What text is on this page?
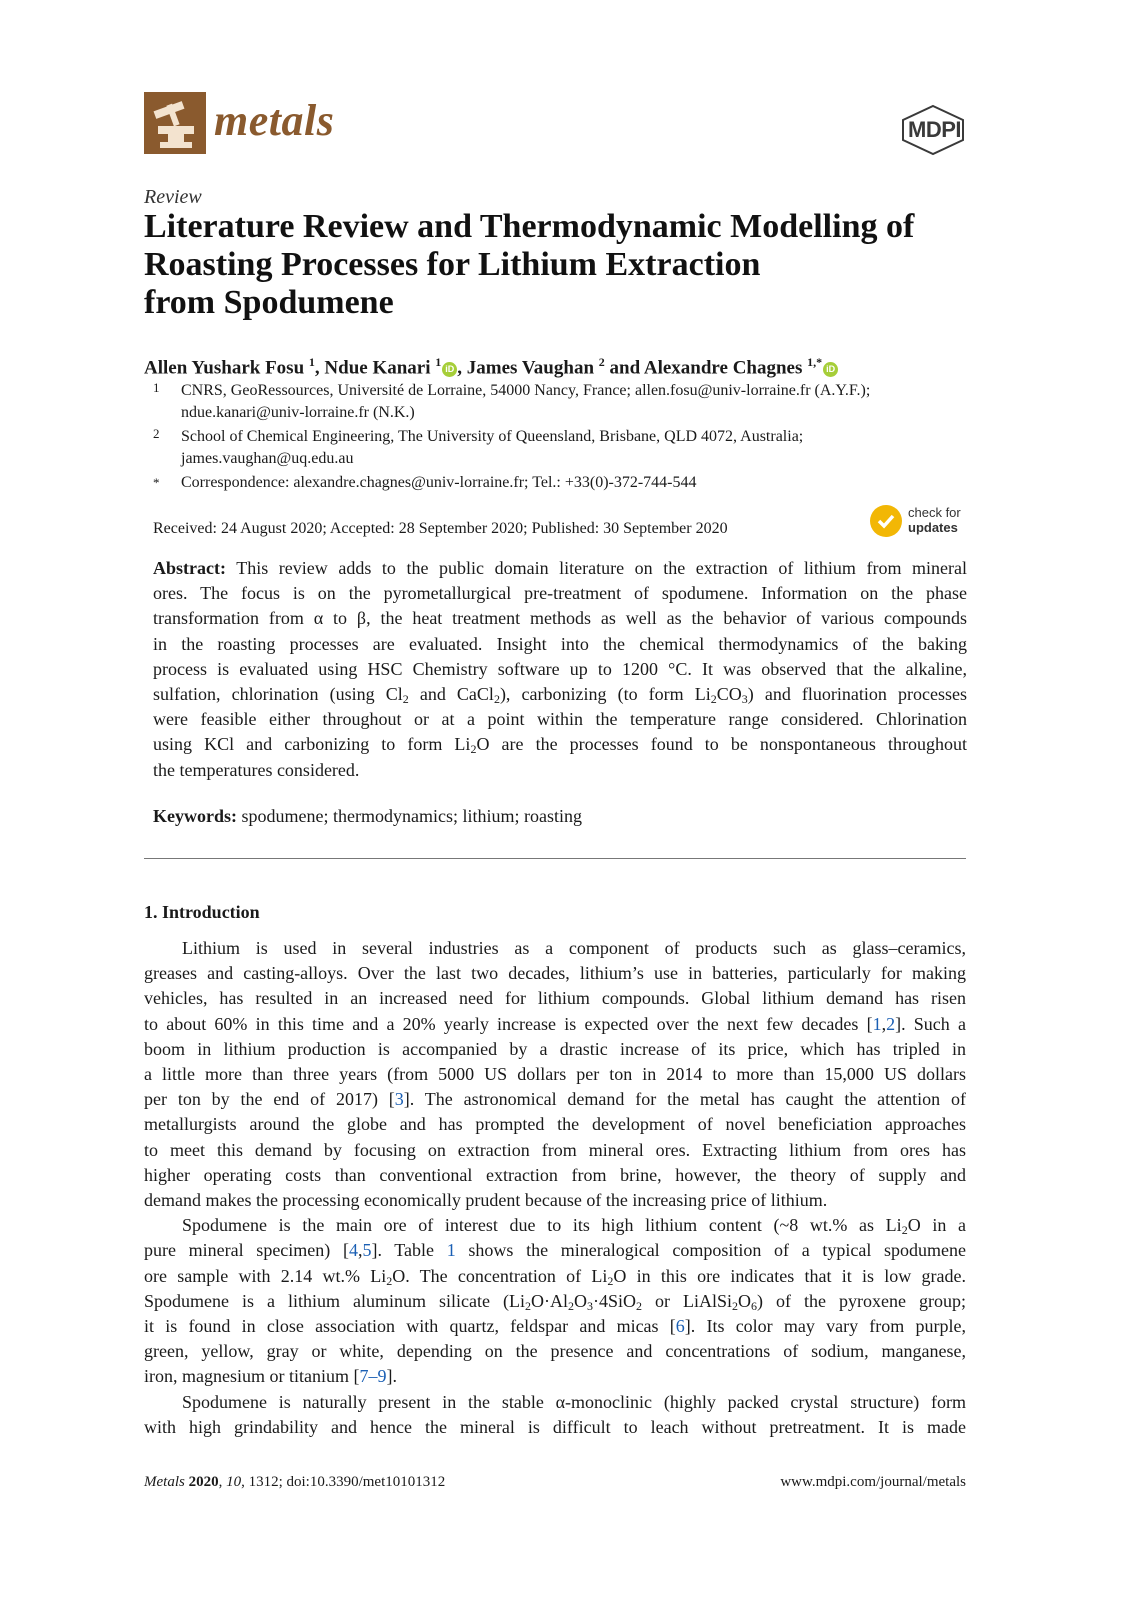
metals	MDPI
Review
Literature Review and Thermodynamic Modelling of
Roasting Processes for Lithium Extraction
from Spodumene
Allen Yushark Fosu $^1$, Ndue Kanari $^1$iD , James Vaughan $^2$ and Alexandre Chagnes $^{1,*}$iD
1 CNRS, GeoRessources, Université de Lorraine, 54000 Nancy, France; allen.fosu@univ-lorraine.fr (A.Y.F.);
ndue.kanari@univ-lorraine.fr (N.K.)
2 School of Chemical Engineering, The University of Queensland, Brisbane, QLD 4072, Australia;
james.vaughan@uq.edu.au
* Correspondence: alexandre.chagnes@univ-lorraine.fr; Tel.: +33(0)-372-744-544
Received: 24 August 2020; Accepted: 28 September 2020; Published: 30 September 2020
check for
updates
Abstract: This review adds to the public domain literature on the extraction of lithium from mineral
ores. The focus is on the pyrometallurgical pre-treatment of spodumene. Information on the phase
transformation from α to β, the heat treatment methods as well as the behavior of various compounds
in the roasting processes are evaluated. Insight into the chemical thermodynamics of the baking
process is evaluated using HSC Chemistry software up to 1200 °C. It was observed that the alkaline,
sulfation, chlorination (using $Cl_2$ and CaCl$_2$), carbonizing (to form $Li_2CO_3$) and fluorination processes
were feasible either throughout or at a point within the temperature range considered. Chlorination
using KCl and carbonizing to form $Li_2O$ are the processes found to be nonspontaneous throughout
the temperatures considered.
Keywords: spodumene; thermodynamics; lithium; roasting
1. Introduction
Lithium is used in several industries as a component of products such as glass–ceramics,
greases and casting-alloys. Over the last two decades, lithium’s use in batteries, particularly for making
vehicles, has resulted in an increased need for lithium compounds. Global lithium demand has risen
to about 60% in this time and a 20% yearly increase is expected over the next few decades [1,2]. Such a
boom in lithium production is accompanied by a drastic increase of its price, which has tripled in
a little more than three years (from 5000 US dollars per ton in 2014 to more than 15,000 US dollars
per ton by the end of 2017) [3]. The astronomical demand for the metal has caught the attention of
metallurgists around the globe and has prompted the development of novel beneficiation approaches
to meet this demand by focusing on extraction from mineral ores. Extracting lithium from ores has
higher operating costs than conventional extraction from brine, however, the theory of supply and
demand makes the processing economically prudent because of the increasing price of lithium.
Spodumene is the main ore of interest due to its high lithium content (~8 wt.% as $Li_2O$ in a
pure mineral specimen) [4,5]. Table 1 shows the mineralogical composition of a typical spodumene
ore sample with 2.14 wt.% $Li_2O$. The concentration of $Li_2O$ in this ore indicates that it is low grade.
Spodumene is a lithium aluminum silicate ($Li_2O\cdot Al_2O_3\cdot 4SiO_2$ or $LiAlSi_2O_6$) of the pyroxene group;
it is found in close association with quartz, feldspar and micas [6]. Its color may vary from purple,
green, yellow, gray or white, depending on the presence and concentrations of sodium, manganese,
iron, magnesium or titanium [7–9].
Spodumene is naturally present in the stable α-monoclinic (highly packed crystal structure) form
with high grindability and hence the mineral is difficult to leach without pretreatment. It is made
Metals 2020, 10, 1312; doi:10.3390/met10101312	www.mdpi.com/journal/metals
